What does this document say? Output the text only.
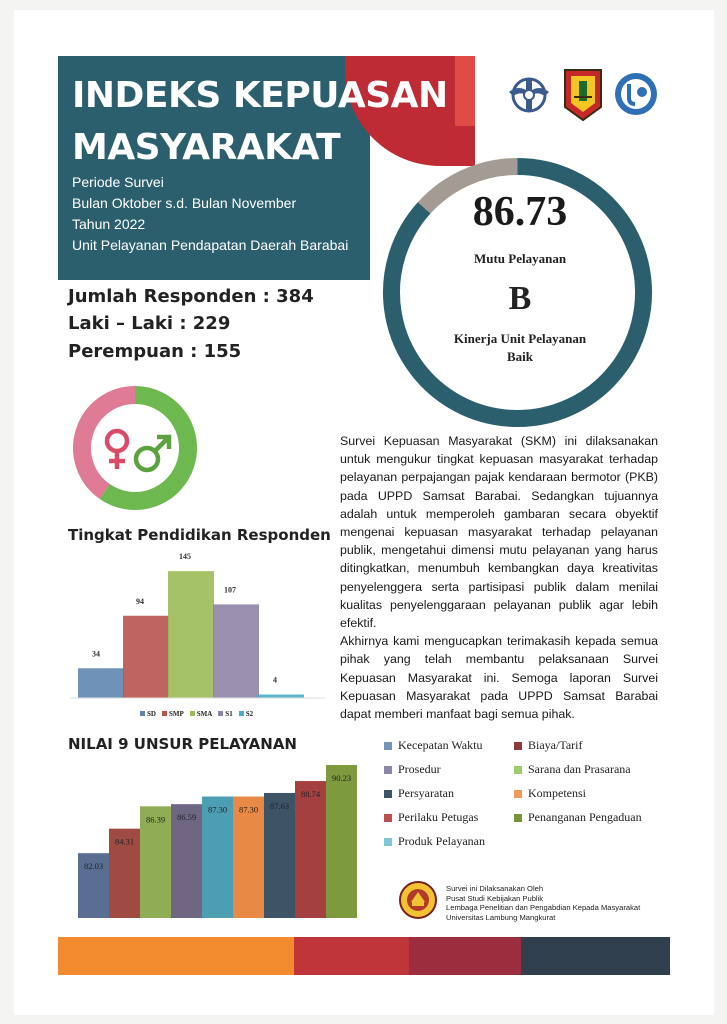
INDEKS KEPUASAN
MASYARAKAT
Periode Survei
Bulan Oktober s.d. Bulan November
Tahun 2022
Unit Pelayanan Pendapatan Daerah Barabai
86.73
Mutu Pelayanan
B
Kinerja Unit Pelayanan
Baik
Jumlah Responden : 384
Laki – Laki : 229
Perempuan : 155
Tingkat Pendidikan Responden
34
94
145
107
4
SD	SMP	SMA	S1	S2
NILAI 9 UNSUR PELAYANAN
82.03
84.31
86.39 86.59
87.30 87.30 87.63
88.74
90.23
Kecepatan Waktu	Biaya/Tarif
Prosedur	Sarana dan Prasarana
Persyaratan	Kompetensi
Perilaku Petugas	Penanganan Pengaduan
Produk Pelayanan

Survei Kepuasan Masyarakat (SKM) ini dilaksanakan untuk mengukur tingkat kepuasan masyarakat terhadap pelayanan perpajangan pajak kendaraan bermotor (PKB) pada UPPD Samsat Barabai. Sedangkan tujuannya adalah untuk memperoleh gambaran secara obyektif mengenai kepuasan masyarakat terhadap pelayanan publik, mengetahui dimensi mutu pelayanan yang harus ditingkatkan, menumbuh kembangkan daya kreativitas penyelenggera serta partisipasi publik dalam menilai kualitas penyelenggaraan pelayanan publik agar lebih efektif.

Akhirnya kami mengucapkan terimakasih kepada semua pihak yang telah membantu pelaksanaan Survei Kepuasan Masyarakat ini. Semoga laporan Survei Kepuasan Masyarakat pada UPPD Samsat Barabai dapat memberi manfaat bagi semua pihak.

Survei ini Dilaksanakan Oleh
Pusat Studi Kebijakan Publik
Lembaga Penelitian dan Pengabdian Kepada Masyarakat
Universitas Lambung Mangkurat
